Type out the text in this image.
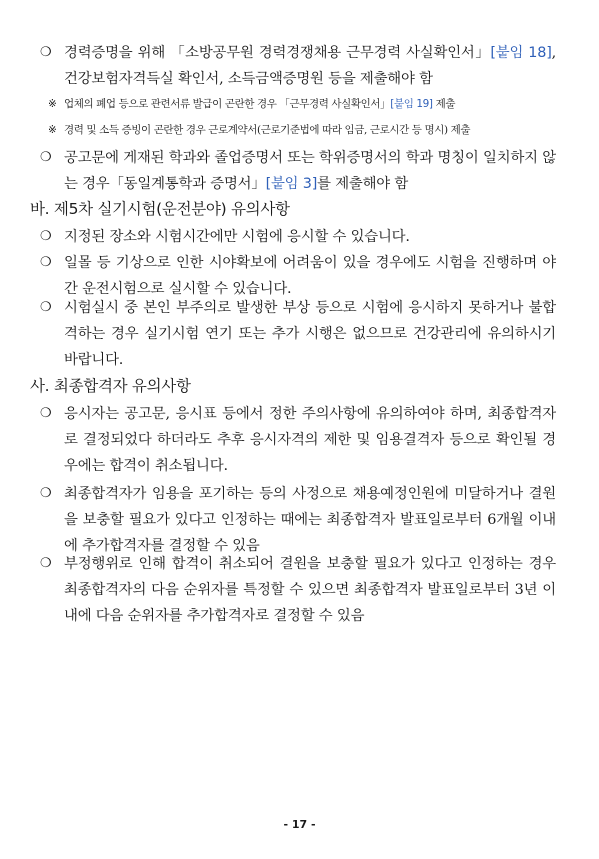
❍ 경력증명을 위해 「소방공무원 경력경쟁채용 근무경력 사실확인서」[붙임 18], 건강보험자격득실 확인서, 소득금액증명원 등을 제출해야 함
※ 업체의 폐업 등으로 관련서류 발급이 곤란한 경우 「근무경력 사실확인서」[붙임 19] 제출
※ 경력 및 소득 증빙이 곤란한 경우 근로계약서(근로기준법에 따라 임금, 근로시간 등 명시) 제출
❍ 공고문에 게재된 학과와 졸업증명서 또는 학위증명서의 학과 명칭이 일치하지 않는 경우「동일계통학과 증명서」[붙임 3]를 제출해야 함
바. 제5차 실기시험(운전분야) 유의사항
❍ 지정된 장소와 시험시간에만 시험에 응시할 수 있습니다.
❍ 일몰 등 기상으로 인한 시야확보에 어려움이 있을 경우에도 시험을 진행하며 야간 운전시험으로 실시할 수 있습니다.
❍ 시험실시 중 본인 부주의로 발생한 부상 등으로 시험에 응시하지 못하거나 불합격하는 경우 실기시험 연기 또는 추가 시행은 없으므로 건강관리에 유의하시기 바랍니다.
사. 최종합격자 유의사항
❍ 응시자는 공고문, 응시표 등에서 정한 주의사항에 유의하여야 하며, 최종합격자로 결정되었다 하더라도 추후 응시자격의 제한 및 임용결격자 등으로 확인될 경우에는 합격이 취소됩니다.
❍ 최종합격자가 임용을 포기하는 등의 사정으로 채용예정인원에 미달하거나 결원을 보충할 필요가 있다고 인정하는 때에는 최종합격자 발표일로부터 6개월 이내에 추가합격자를 결정할 수 있음
❍ 부정행위로 인해 합격이 취소되어 결원을 보충할 필요가 있다고 인정하는 경우 최종합격자의 다음 순위자를 특정할 수 있으면 최종합격자 발표일로부터 3년 이내에 다음 순위자를 추가합격자로 결정할 수 있음
- 17 -
